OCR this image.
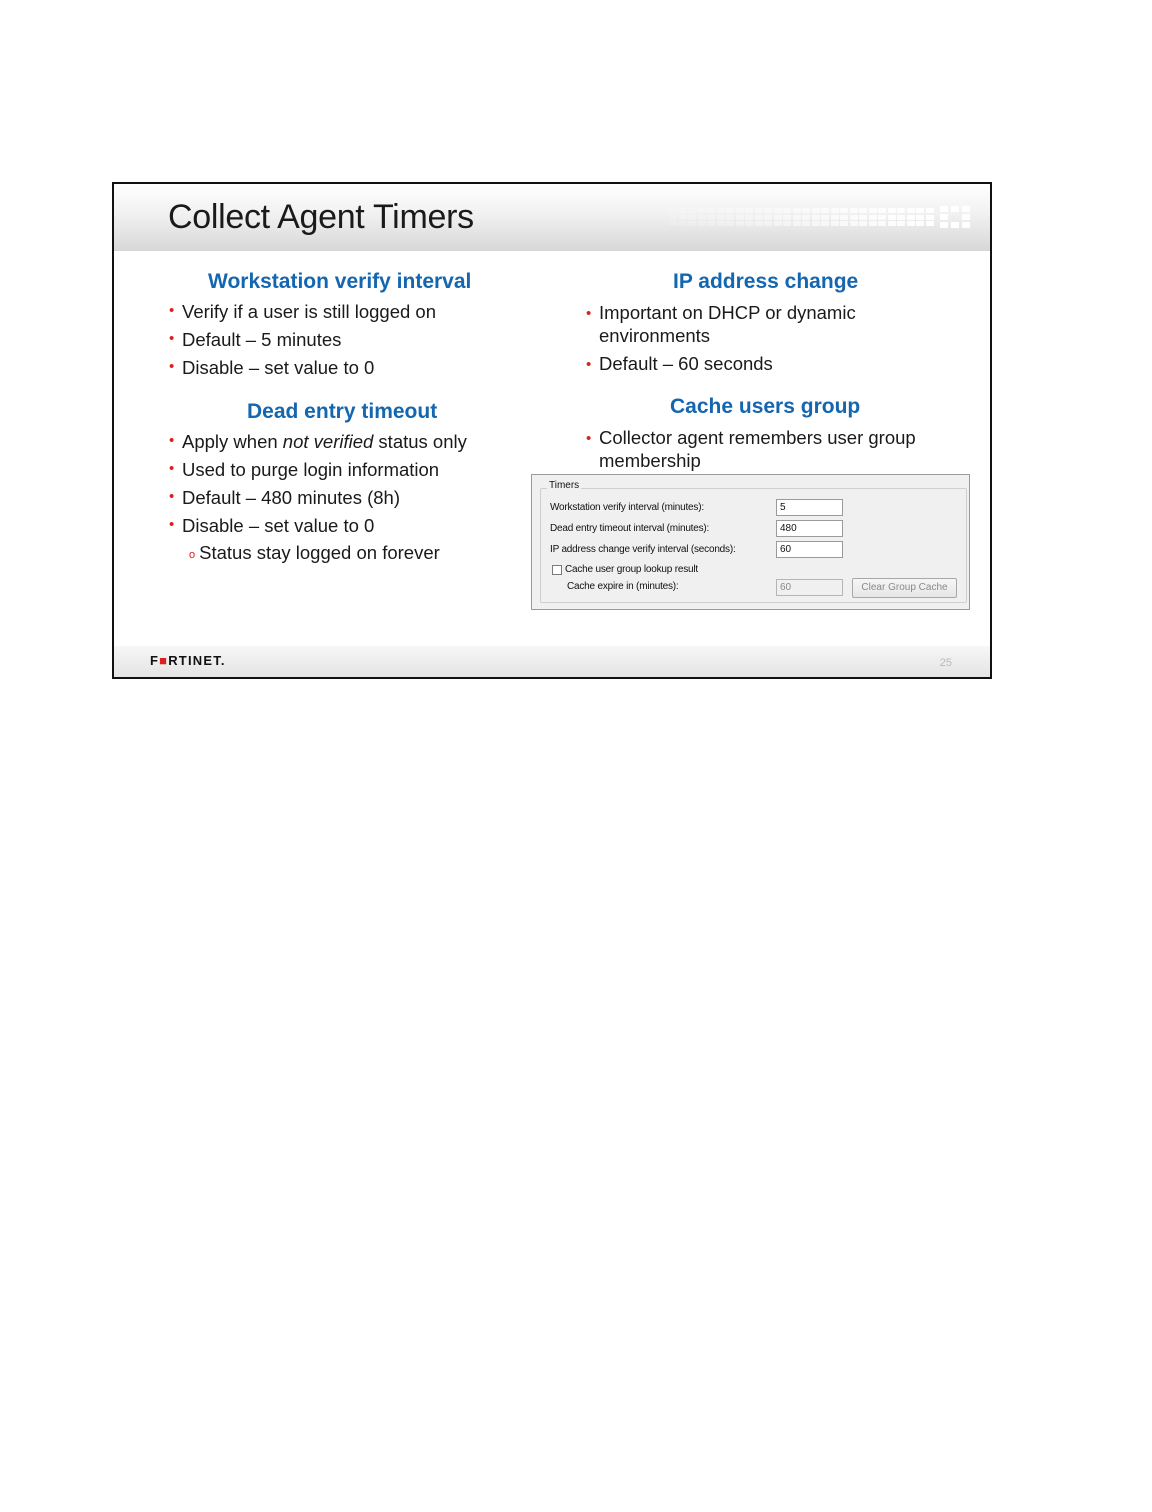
Collect Agent Timers
Workstation verify interval
• Verify if a user is still logged on
• Default – 5 minutes
• Disable – set value to 0
Dead entry timeout
• Apply when not verified status only
• Used to purge login information
• Default – 480 minutes (8h)
• Disable – set value to 0
o Status stay logged on forever
IP address change
• Important on DHCP or dynamic environments
• Default – 60 seconds
Cache users group
• Collector agent remembers user group membership
Timers
Workstation verify interval (minutes):	5
Dead entry timeout interval (minutes):	480
IP address change verify interval (seconds):	60
Cache user group lookup result
Cache expire in (minutes):	60	Clear Group Cache
F■RTINET.	25
